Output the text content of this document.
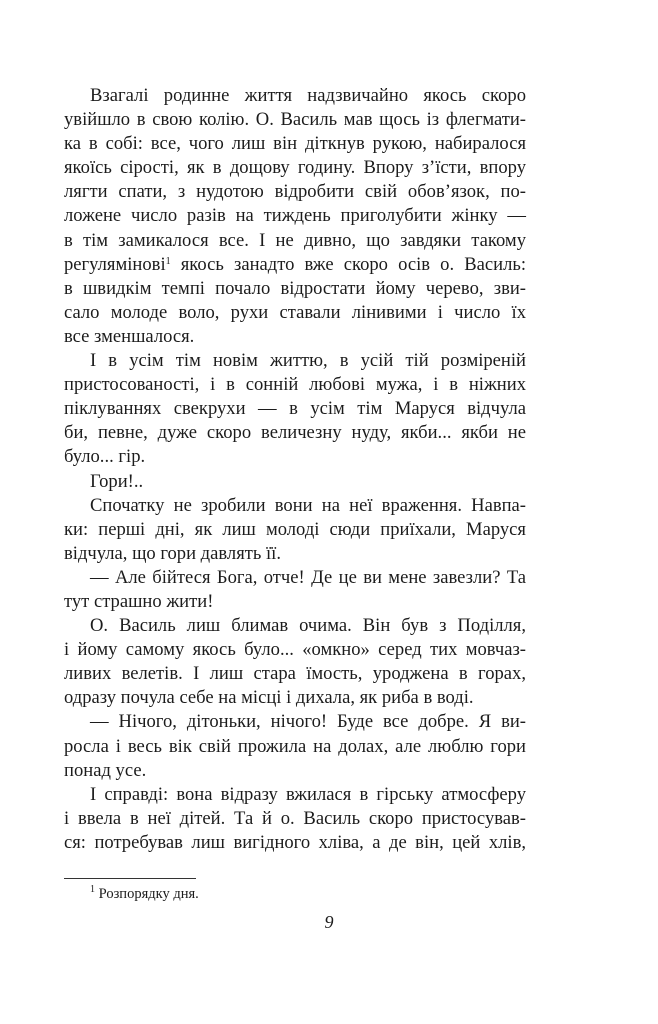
Взагалі родинне життя надзвичайно якось скоро
увійшло в свою колію. О. Василь мав щось із флегмати-
ка в собі: все, чого лиш він діткнув рукою, набиралося
якоїсь сірості, як в дощову годину. Впору з’їсти, впору
лягти спати, з нудотою відробити свій обов’язок, по-
ложене число разів на тиждень приголубити жінку —
в тім замикалося все. І не дивно, що завдяки такому
регулямінові$^1$ якось занадто вже скоро осів о. Василь:
в швидкім темпі почало відростати йому черево, зви-
сало молоде воло, рухи ставали лінивими і число їх
все зменшалося.
І в усім тім новім життю, в усій тій розміреній
пристосованості, і в сонній любові мужа, і в ніжних
піклуваннях свекрухи — в усім тім Маруся відчула
би, певне, дуже скоро величезну нуду, якби... якби не
було... гір.
Гори!..
Спочатку не зробили вони на неї враження. Навпа-
ки: перші дні, як лиш молоді сюди приїхали, Маруся
відчула, що гори давлять її.
— Але бійтеся Бога, отче! Де це ви мене завезли? Та
тут страшно жити!
О. Василь лиш блимав очима. Він був з Поділля,
і йому самому якось було... «омкно» серед тих мовчаз-
ливих велетів. І лиш стара їмость, уроджена в горах,
одразу почула себе на місці і дихала, як риба в воді.
— Нічого, дітоньки, нічого! Буде все добре. Я ви-
росла і весь вік свій прожила на долах, але люблю гори
понад усе.
І справді: вона відразу вжилася в гірську атмосферу
і ввела в неї дітей. Та й о. Василь скоро пристосував-
ся: потребував лиш вигідного хліва, а де він, цей хлів,
$^1$ Розпорядку дня.
9
